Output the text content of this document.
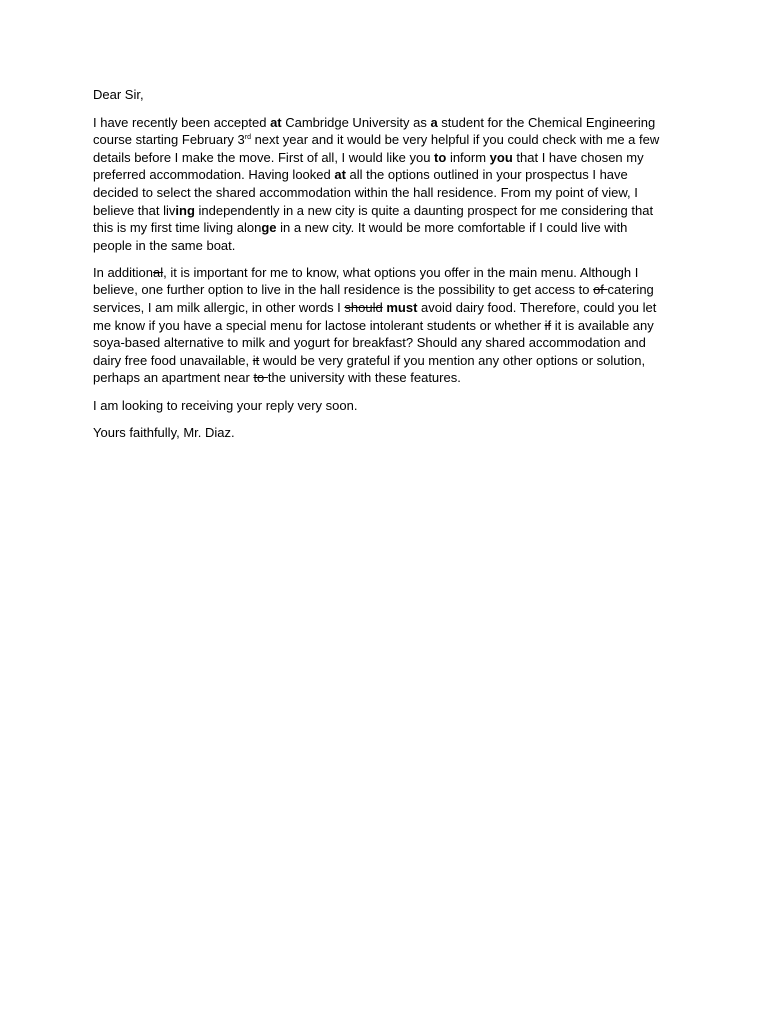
Dear Sir,

I have recently been accepted at Cambridge University as a student for the Chemical Engineering course starting February 3rd next year and it would be very helpful if you could check with me a few details before I make the move. First of all, I would like you to inform you that I have chosen my preferred accommodation. Having looked at all the options outlined in your prospectus I have decided to select the shared accommodation within the hall residence. From my point of view, I believe that living independently in a new city is quite a daunting prospect for me considering that this is my first time living alonge in a new city. It would be more comfortable if I could live with people in the same boat.

In additional, it is important for me to know, what options you offer in the main menu. Although I believe, one further option to live in the hall residence is the possibility to get access to of catering services, I am milk allergic, in other words I should must avoid dairy food. Therefore, could you let me know if you have a special menu for lactose intolerant students or whether if it is available any soya-based alternative to milk and yogurt for breakfast? Should any shared accommodation and dairy free food unavailable, it would be very grateful if you mention any other options or solution, perhaps an apartment near to the university with these features.

I am looking to receiving your reply very soon.

Yours faithfully, Mr. Diaz.
